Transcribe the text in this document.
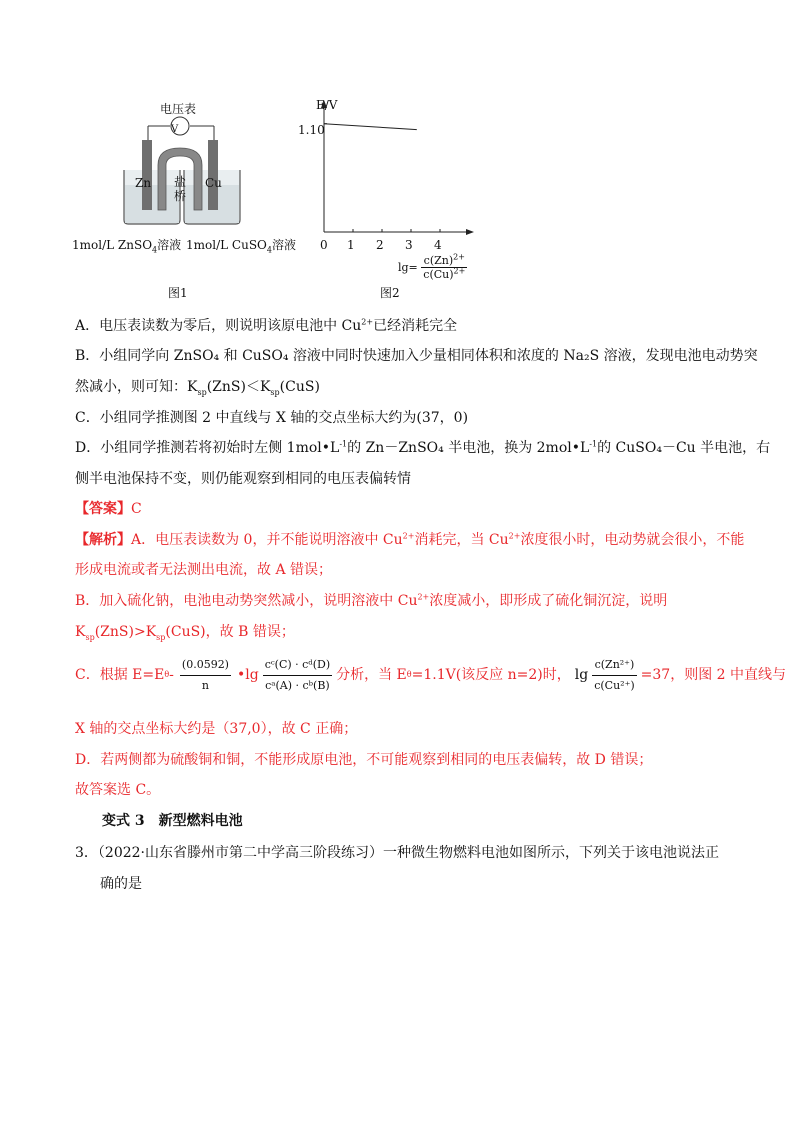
电压表
V
Zn	Cu
盐
桥
1mol/L ZnSO$_4$溶液 1mol/L CuSO$_4$溶液
图1
E/V
1.10
0 1 2 3 4
$\lg= \frac{c(Zn)^{2+}}{c(Cu)^{2+}}$
图2
A．电压表读数为零后，则说明该原电池中 $Cu^{2+}$已经消耗完全
B．小组同学向 ZnSO₄ 和 CuSO₄ 溶液中同时快速加入少量相同体积和浓度的 Na₂S 溶液，发现电池电动势突
然减小，则可知：$K_{sp}(ZnS)<K_{sp}(CuS)$
C．小组同学推测图 2 中直线与 X 轴的交点坐标大约为(37，0)
D．小组同学推测若将初始时左侧 $1mol•L^{-1}$的 Zn－ZnSO₄ 半电池，换为 $2mol•L^{-1}$的 CuSO₄－Cu 半电池，右
侧半电池保持不变，则仍能观察到相同的电压表偏转情
【答案】C
【解析】A．电压表读数为 0，并不能说明溶液中 $Cu^{2+}$消耗完，当 $Cu^{2+}$浓度很小时，电动势就会很小，不能
形成电流或者无法测出电流，故 A 错误；
B．加入硫化钠，电池电动势突然减小，说明溶液中 $Cu^{2+}$浓度减小，即形成了硫化铜沉淀，说明
$K_{sp}(ZnS)>K_{sp}(CuS)$，故 B 错误；
C．根据 E=E θ - $\frac{(0.0592)}{n}$ •lg $\frac{\text{cᶜ(C) · cᵈ(D)}}{\text{cᵃ(A) · cᵇ(B)}}$ 分析，当 E θ =1.1V(该反应 n=2)时， $\lg \frac{\text{c(Zn²⁺)}}{\text{c(Cu²⁺)}} =37$，则图 2 中直线与
X 轴的交点坐标大约是（37,0），故 C 正确；
D．若两侧都为硫酸铜和铜，不能形成原电池，不可能观察到相同的电压表偏转，故 D 错误；
故答案选 C。
变式 3　新型燃料电池
3．（2022·山东省滕州市第二中学高三阶段练习）一种微生物燃料电池如图所示，下列关于该电池说法正
确的是
